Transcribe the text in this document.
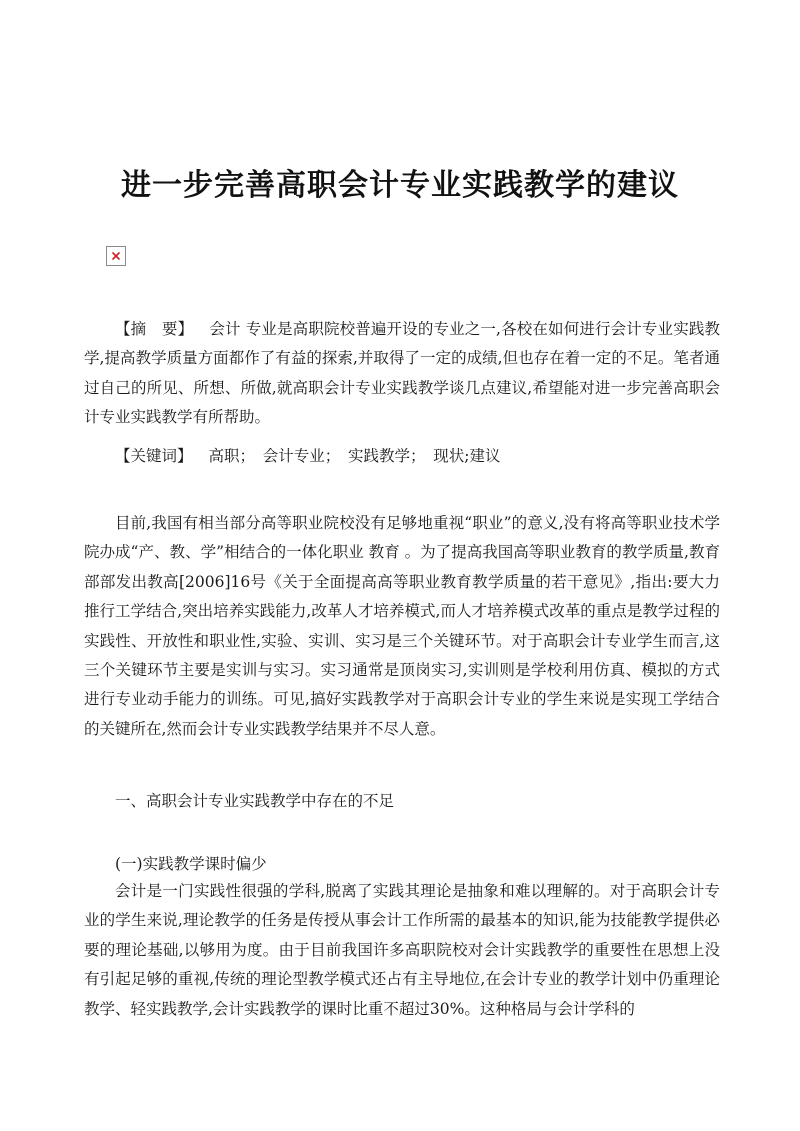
进一步完善高职会计专业实践教学的建议

【摘　要】 会计 专业是高职院校普遍开设的专业之一,各校在如何进行会计专业实践教学,提高教学质量方面都作了有益的探索,并取得了一定的成绩,但也存在着一定的不足。笔者通过自己的所见、所想、所做,就高职会计专业实践教学谈几点建议,希望能对进一步完善高职会计专业实践教学有所帮助。

【关键词】 高职；　会计专业；　实践教学；　现状;建议

目前,我国有相当部分高等职业院校没有足够地重视“职业”的意义,没有将高等职业技术学院办成“产、教、学”相结合的一体化职业 教育 。为了提高我国高等职业教育的教学质量,教育部部发出教高[2006]16号《关于全面提高高等职业教育教学质量的若干意见》,指出:要大力推行工学结合,突出培养实践能力,改革人才培养模式,而人才培养模式改革的重点是教学过程的实践性、开放性和职业性,实验、实训、实习是三个关键环节。对于高职会计专业学生而言,这三个关键环节主要是实训与实习。实习通常是顶岗实习,实训则是学校利用仿真、模拟的方式进行专业动手能力的训练。可见,搞好实践教学对于高职会计专业的学生来说是实现工学结合的关键所在,然而会计专业实践教学结果并不尽人意。

一、高职会计专业实践教学中存在的不足

(一)实践教学课时偏少

会计是一门实践性很强的学科,脱离了实践其理论是抽象和难以理解的。对于高职会计专业的学生来说,理论教学的任务是传授从事会计工作所需的最基本的知识,能为技能教学提供必要的理论基础,以够用为度。由于目前我国许多高职院校对会计实践教学的重要性在思想上没有引起足够的重视,传统的理论型教学模式还占有主导地位,在会计专业的教学计划中仍重理论教学、轻实践教学,会计实践教学的课时比重不超过30%。这种格局与会计学科的
